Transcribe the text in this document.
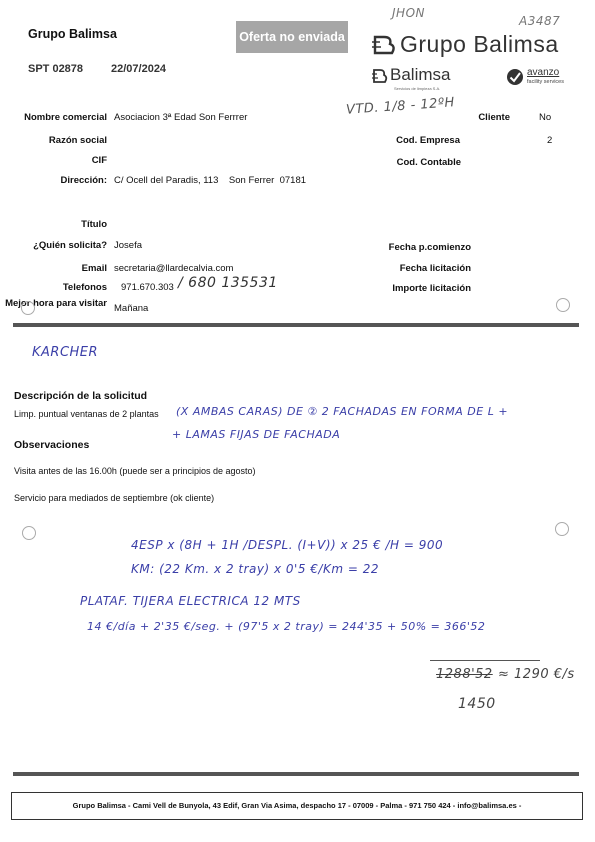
Grupo Balimsa
SPT 02878	22/07/2024
Oferta no enviada
JHON
A3487
Grupo Balimsa
Balimsa
Servicios de limpieza S.A.
avanzo
facility services
VTD. 1/8 - 12ºH
Nombre comercial Asociacion 3ª Edad Son Ferrrer
Razón social
CIF
Dirección: C/ Ocell del Paradis, 113    Son Ferrer  07181
Título
¿Quién solicita? Josefa
Email secretaria@llardecalvia.com
Telefonos 971.670.303 / 680 135531
Mejor hora para visitar Mañana
Cliente	No
Cod. Empresa	2
Cod. Contable
Fecha p.comienzo
Fecha licitación
Importe licitación
KARCHER
Descripción de la solicitud
Limp. puntual ventanas de 2 plantas (X AMBAS CARAS) DE ② 2 FACHADAS EN FORMA DE L +
+ LAMAS FIJAS DE FACHADA
Observaciones
Visita antes de las 16.00h (puede ser a principios de agosto)
Servicio para mediados de septiembre (ok cliente)
4ESP x (8H + 1H /DESPL. (I+V)) x 25 € /H = 900
KM: (22 Km. x 2 tray) x 0'5 €/Km = 22
PLATAF. TIJERA ELECTRICA 12 MTS
14 €/día + 2'35 €/seg. + (97'5 x 2 tray) = 244'35 + 50% = 366'52
1288'52 ≈ 1290 €/s
1450
Grupo Balimsa - Cami Vell de Bunyola, 43 Edif, Gran Via Asima, despacho 17 - 07009 - Palma - 971 750 424 - info@balimsa.es -
